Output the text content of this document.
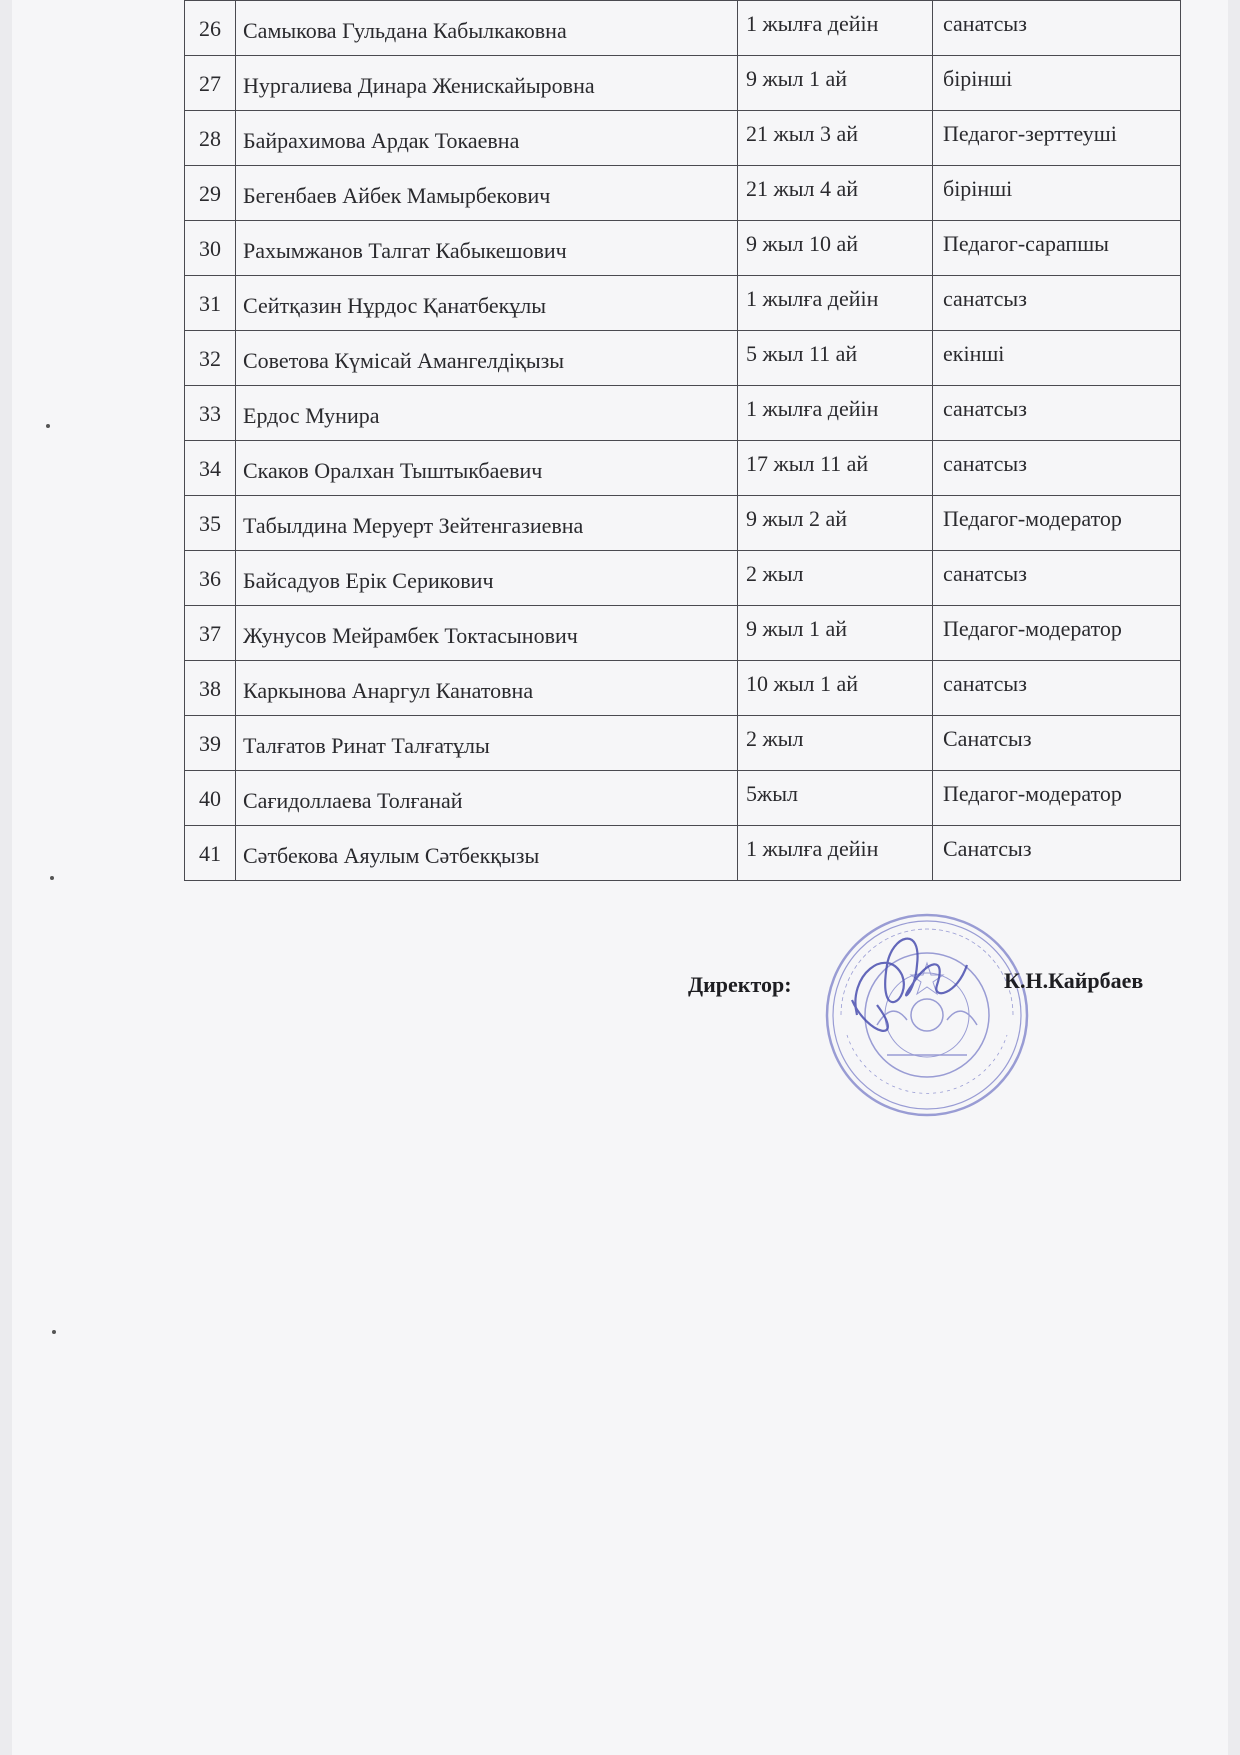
26	Самыкова Гульдана Кабылкаковна	1 жылға дейін	санатсыз
27	Нургалиева Динара Женискайыровна	9 жыл 1 ай	бірінші
28	Байрахимова Ардак Токаевна	21 жыл 3 ай	Педагог-зерттеуші
29	Бегенбаев Айбек Мамырбекович	21 жыл 4 ай	бірінші
30	Рахымжанов Талгат Кабыкешович	9 жыл 10 ай	Педагог-сарапшы
31	Сейтқазин Нұрдос Қанатбекұлы	1 жылға дейін	санатсыз
32	Советова Күмісай Амангелдіқызы	5 жыл 11 ай	екінші
33	Ердос Мунира	1 жылға дейін	санатсыз
34	Скаков Оралхан Тыштыкбаевич	17 жыл 11 ай	санатсыз
35	Табылдина Меруерт Зейтенгазиевна	9 жыл 2 ай	Педагог-модератор
36	Байсадуов Ерік Серикович	2 жыл	санатсыз
37	Жунусов Мейрамбек Токтасынович	9 жыл 1 ай	Педагог-модератор
38	Каркынова Анаргул Канатовна	10 жыл 1 ай	санатсыз
39	Талғатов Ринат Талғатұлы	2 жыл	Санатсыз
40	Сағидоллаева Толғанай	5жыл	Педагог-модератор
41	Сәтбекова Аяулым Сәтбекқызы	1 жылға дейін	Санатсыз
Директор:	К.Н.Кайрбаев
